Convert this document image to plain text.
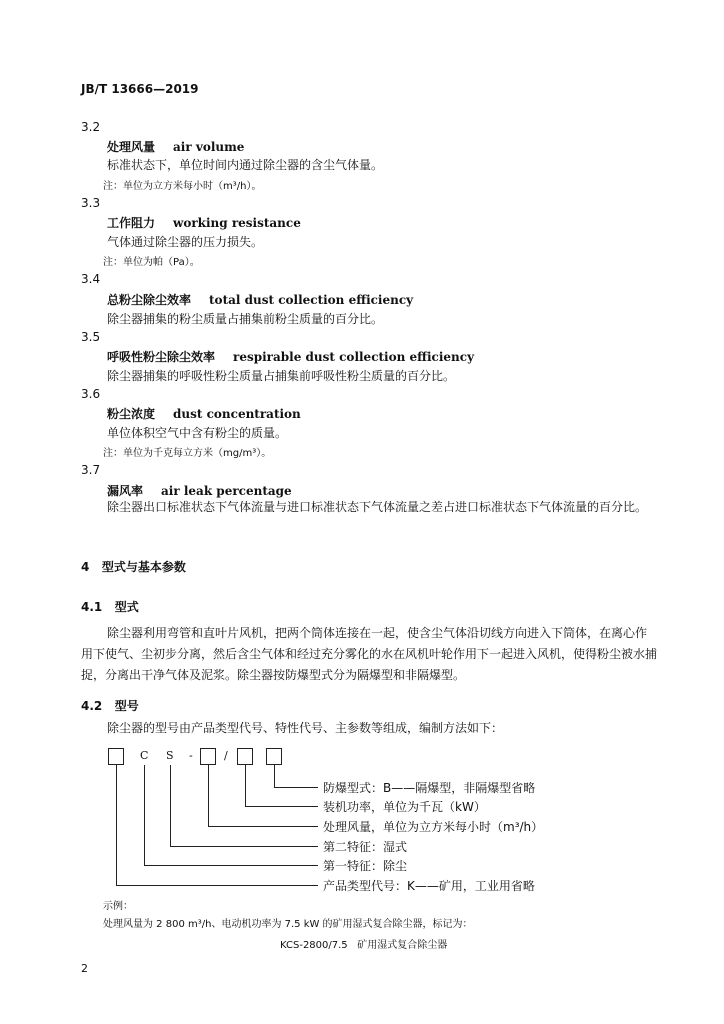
JB/T 13666—2019
3.2
处理风量 air volume
标准状态下，单位时间内通过除尘器的含尘气体量。
注：单位为立方米每小时（m³/h）。
3.3
工作阻力 working resistance
气体通过除尘器的压力损失。
注：单位为帕（Pa）。
3.4
总粉尘除尘效率 total dust collection efficiency
除尘器捕集的粉尘质量占捕集前粉尘质量的百分比。
3.5
呼吸性粉尘除尘效率 respirable dust collection efficiency
除尘器捕集的呼吸性粉尘质量占捕集前呼吸性粉尘质量的百分比。
3.6
粉尘浓度 dust concentration
单位体积空气中含有粉尘的质量。
注：单位为千克每立方米（mg/m³）。
3.7
漏风率 air leak percentage
除尘器出口标准状态下气体流量与进口标准状态下气体流量之差占进口标准状态下气体流量的百分比。
4   型式与基本参数
4.1   型式
除尘器利用弯管和直叶片风机，把两个筒体连接在一起，使含尘气体沿切线方向进入下筒体，在离心作用下使气、尘初步分离，然后含尘气体和经过充分雾化的水在风机叶轮作用下一起进入风机，使得粉尘被水捕捉，分离出干净气体及泥浆。除尘器按防爆型式分为隔爆型和非隔爆型。
4.2   型号
除尘器的型号由产品类型代号、特性代号、主参数等组成，编制方法如下：
C S -	/
防爆型式：B——隔爆型，非隔爆型省略
装机功率，单位为千瓦（kW）
处理风量，单位为立方米每小时（m³/h）
第二特征：湿式
第一特征：除尘
产品类型代号：K——矿用，工业用省略
示例：
处理风量为 2 800 m³/h、电动机功率为 7.5 kW 的矿用湿式复合除尘器，标记为：
KCS-2800/7.5   矿用湿式复合除尘器
2
